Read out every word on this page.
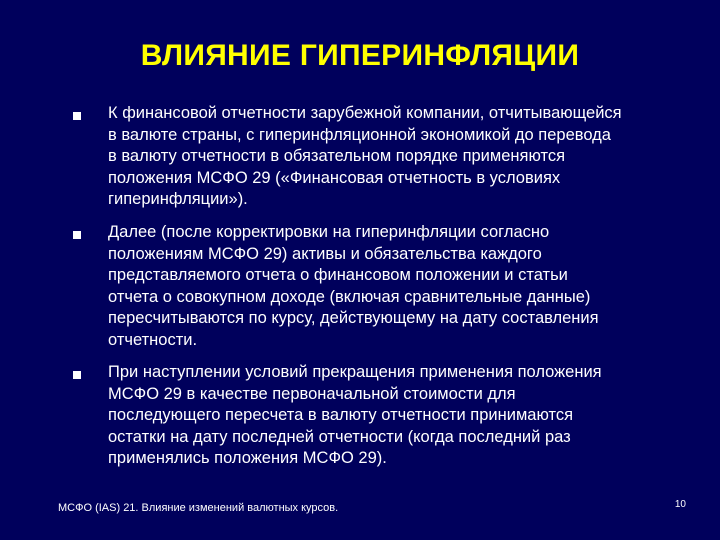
ВЛИЯНИЕ ГИПЕРИНФЛЯЦИИ
К финансовой отчетности зарубежной компании, отчитывающейся
в валюте страны, с гиперинфляционной экономикой до перевода
в валюту отчетности в обязательном порядке применяются
положения МСФО 29 («Финансовая отчетность в условиях
гиперинфляции»).
Далее (после корректировки на гиперинфляции согласно
положениям МСФО 29) активы и обязательства каждого
представляемого отчета о финансовом положении и статьи
отчета о совокупном доходе (включая сравнительные данные)
пересчитываются по курсу, действующему на дату составления
отчетности.
При наступлении условий прекращения применения положения
МСФО 29 в качестве первоначальной стоимости для
последующего пересчета в валюту отчетности принимаются
остатки на дату последней отчетности (когда последний раз
применялись положения МСФО 29).
МСФО (IAS) 21. Влияние изменений валютных курсов.	10
